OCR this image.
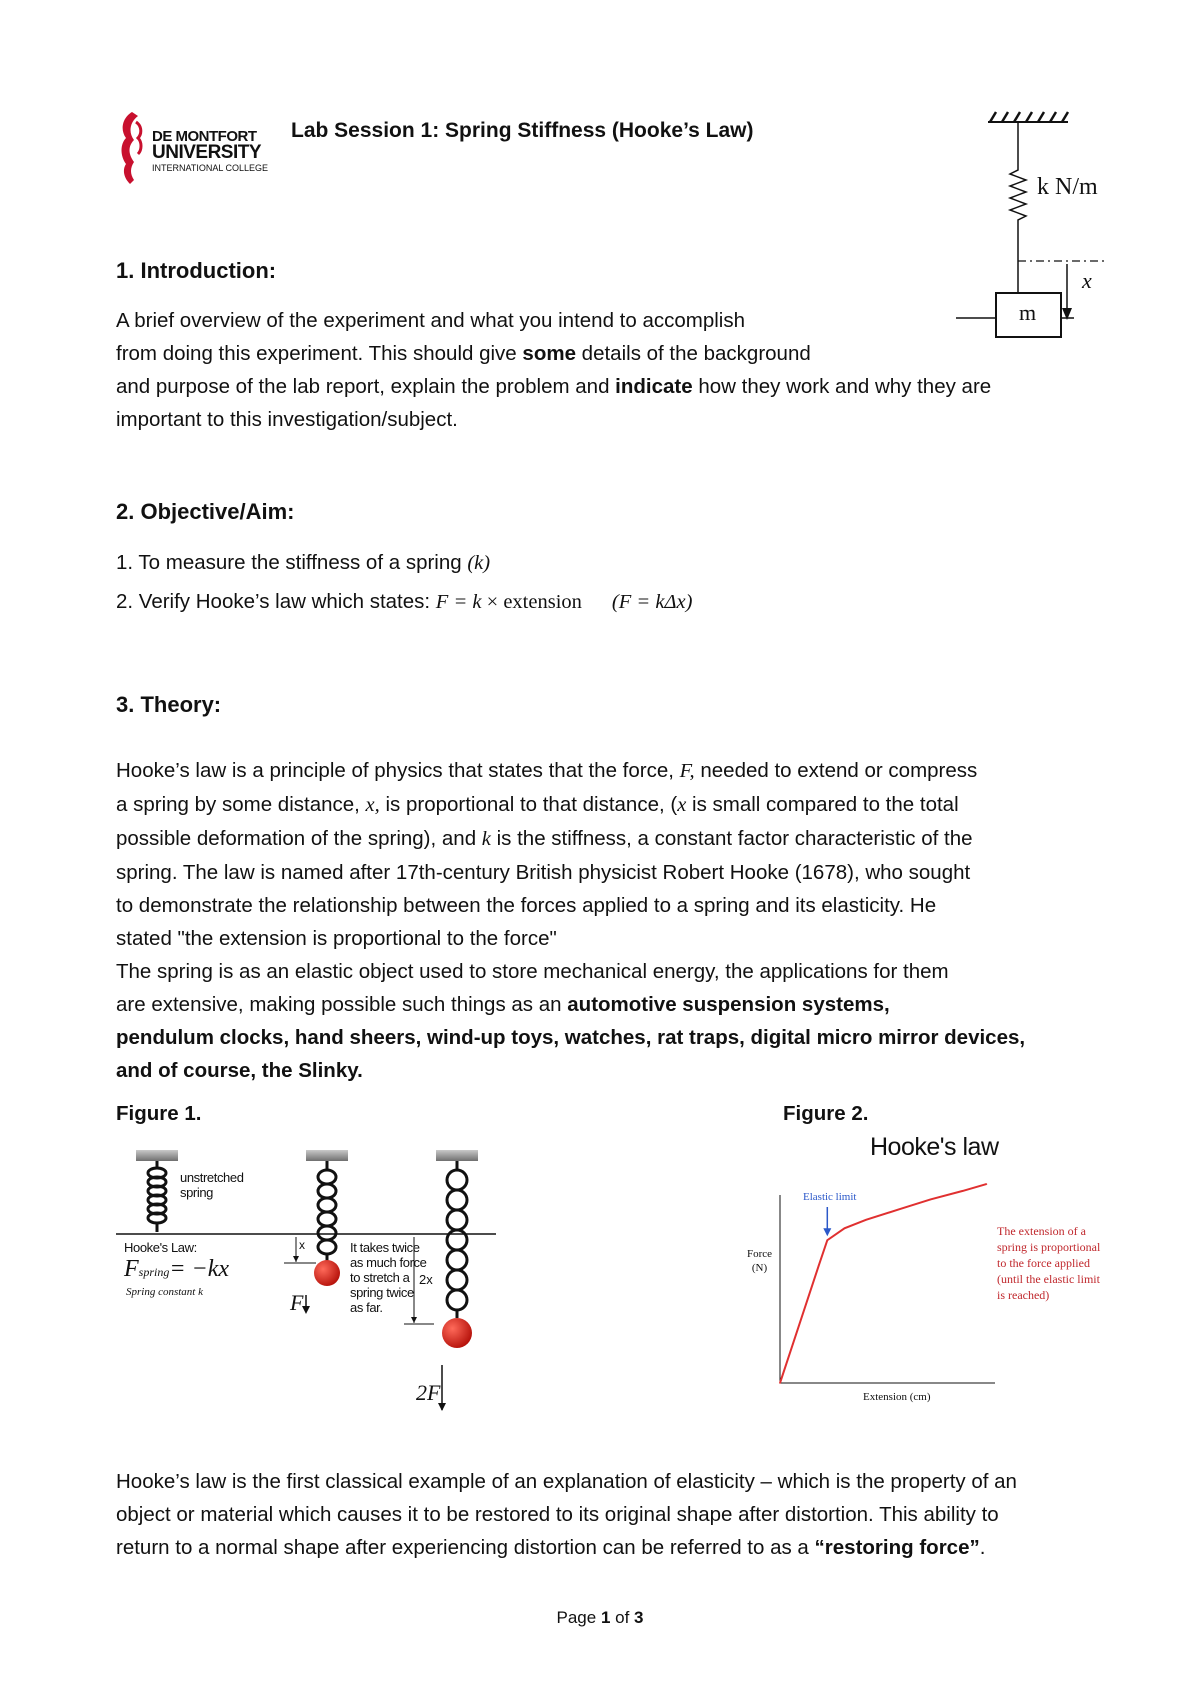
DE MONTFORT
UNIVERSITY
INTERNATIONAL COLLEGE
Lab Session 1: Spring Stiffness (Hooke’s Law)
k N/m
m
x
1. Introduction:
A brief overview of the experiment and what you intend to accomplish
from doing this experiment. This should give some details of the background
and purpose of the lab report, explain the problem and indicate how they work and why they are
important to this investigation/subject.
2. Objective/Aim:
1. To measure the stiffness of a spring (k)
2. Verify Hooke’s law which states: F = k × extension (F = kΔx)
3. Theory:
Hooke’s law is a principle of physics that states that the force, F, needed to extend or compress
a spring by some distance, x, is proportional to that distance, (x is small compared to the total
possible deformation of the spring), and k is the stiffness, a constant factor characteristic of the
spring. The law is named after 17th-century British physicist Robert Hooke (1678), who sought
to demonstrate the relationship between the forces applied to a spring and its elasticity. He
stated "the extension is proportional to the force"
The spring is as an elastic object used to store mechanical energy, the applications for them
are extensive, making possible such things as an automotive suspension systems,
pendulum clocks, hand sheers, wind-up toys, watches, rat traps, digital micro mirror devices,
and of course, the Slinky.
Figure 1.	Figure 2.
unstretched
spring
Hooke's Law:
Fspring= −kx
Spring constant k
x
F
It takes twice
as much force
to stretch a
spring twice
as far.
2x
2F
Hooke's law
Elastic limit
Force
(N)
Extension (cm)
The extension of a
spring is proportional
to the force applied
(until the elastic limit
is reached)
Hooke’s law is the first classical example of an explanation of elasticity – which is the property of an
object or material which causes it to be restored to its original shape after distortion. This ability to
return to a normal shape after experiencing distortion can be referred to as a “restoring force”.
Page 1 of 3
